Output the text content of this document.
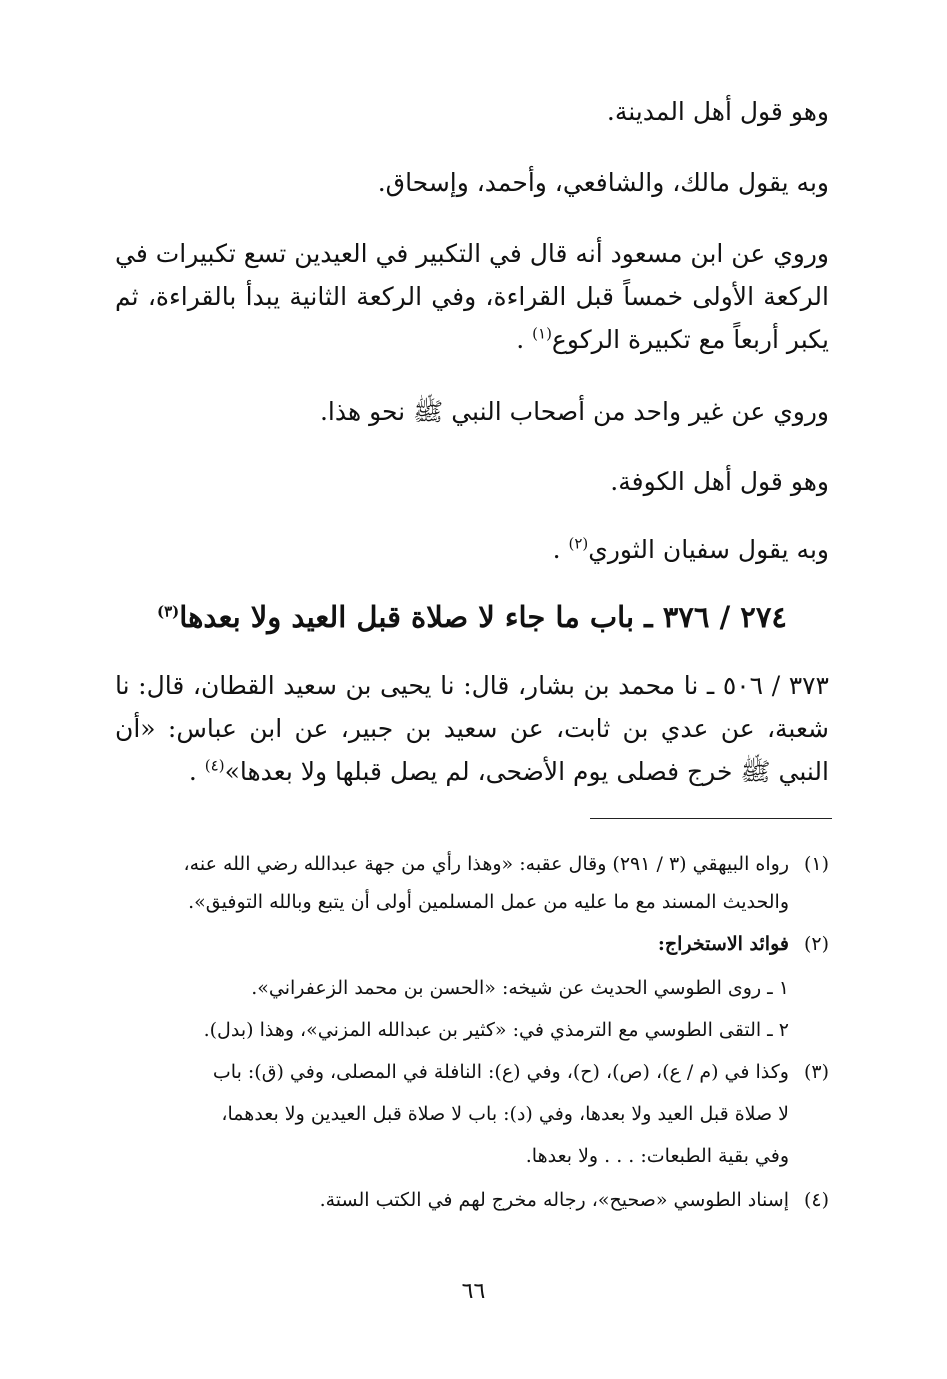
وهو قول أهل المدينة.
وبه يقول مالك، والشافعي، وأحمد، وإسحاق.
وروي عن ابن مسعود أنه قال في التكبير في العيدين تسع تكبيرات في الركعة الأولى خمساً قبل القراءة، وفي الركعة الثانية يبدأ بالقراءة، ثم يكبر أربعاً مع تكبيرة الركوع$^{(١)}$ .
وروي عن غير واحد من أصحاب النبي ﷺ نحو هذا.
وهو قول أهل الكوفة.
وبه يقول سفيان الثوري$^{(٢)}$ .
٢٧٤ / ٣٧٦ ـ باب ما جاء لا صلاة قبل العيد ولا بعدها$^{(٣)}$
٣٧٣ / ٥٠٦ ـ نا محمد بن بشار، قال: نا يحيى بن سعيد القطان، قال: نا شعبة، عن عدي بن ثابت، عن سعيد بن جبير، عن ابن عباس: «أن النبي ﷺ خرج فصلى يوم الأضحى، لم يصل قبلها ولا بعدها»$^{(٤)}$ .
(١)رواه البيهقي (٣ / ٢٩١) وقال عقبه: «وهذا رأي من جهة عبدالله رضي الله عنه،
والحديث المسند مع ما عليه من عمل المسلمين أولى أن يتبع وبالله التوفيق».
(٢)فوائد الاستخراج:
١ ـ روى الطوسي الحديث عن شيخه: «الحسن بن محمد الزعفراني».
٢ ـ التقى الطوسي مع الترمذي في: «كثير بن عبدالله المزني»، وهذا (بدل).
(٣)وكذا في (م / ع)، (ص)، (ح)، وفي (ع): النافلة في المصلى، وفي (ق): باب
لا صلاة قبل العيد ولا بعدها، وفي (د): باب لا صلاة قبل العيدين ولا بعدهما،
وفي بقية الطبعات: . . . ولا بعدها.
(٤)إسناد الطوسي «صحيح»، رجاله مخرج لهم في الكتب الستة.
٦٦
